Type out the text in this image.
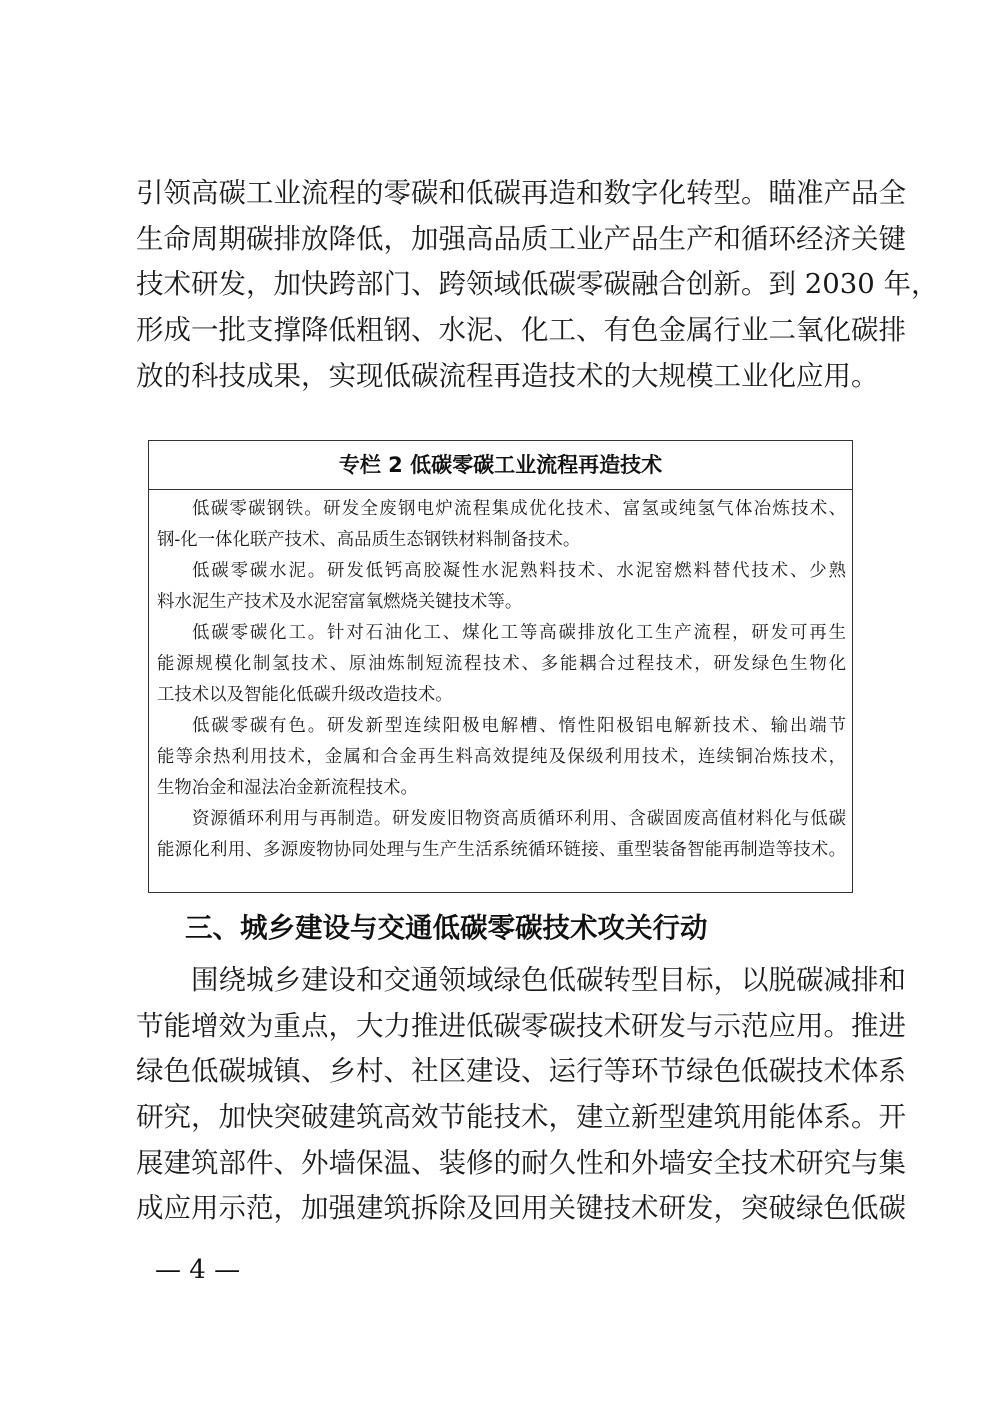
引领高碳工业流程的零碳和低碳再造和数字化转型。瞄准产品全
生命周期碳排放降低，加强高品质工业产品生产和循环经济关键
技术研发，加快跨部门、跨领域低碳零碳融合创新。到 2030 年，
形成一批支撑降低粗钢、水泥、化工、有色金属行业二氧化碳排
放的科技成果，实现低碳流程再造技术的大规模工业化应用。
专栏 2 低碳零碳工业流程再造技术
低碳零碳钢铁。研发全废钢电炉流程集成优化技术、富氢或纯氢气体冶炼技术、
钢-化一体化联产技术、高品质生态钢铁材料制备技术。
低碳零碳水泥。研发低钙高胶凝性水泥熟料技术、水泥窑燃料替代技术、少熟
料水泥生产技术及水泥窑富氧燃烧关键技术等。
低碳零碳化工。针对石油化工、煤化工等高碳排放化工生产流程，研发可再生
能源规模化制氢技术、原油炼制短流程技术、多能耦合过程技术，研发绿色生物化
工技术以及智能化低碳升级改造技术。
低碳零碳有色。研发新型连续阳极电解槽、惰性阳极铝电解新技术、输出端节
能等余热利用技术，金属和合金再生料高效提纯及保级利用技术，连续铜冶炼技术，
生物冶金和湿法冶金新流程技术。
资源循环利用与再制造。研发废旧物资高质循环利用、含碳固废高值材料化与低碳
能源化利用、多源废物协同处理与生产生活系统循环链接、重型装备智能再制造等技术。
三、城乡建设与交通低碳零碳技术攻关行动
围绕城乡建设和交通领域绿色低碳转型目标，以脱碳减排和
节能增效为重点，大力推进低碳零碳技术研发与示范应用。推进
绿色低碳城镇、乡村、社区建设、运行等环节绿色低碳技术体系
研究，加快突破建筑高效节能技术，建立新型建筑用能体系。开
展建筑部件、外墙保温、装修的耐久性和外墙安全技术研究与集
成应用示范，加强建筑拆除及回用关键技术研发，突破绿色低碳
— 4 —
